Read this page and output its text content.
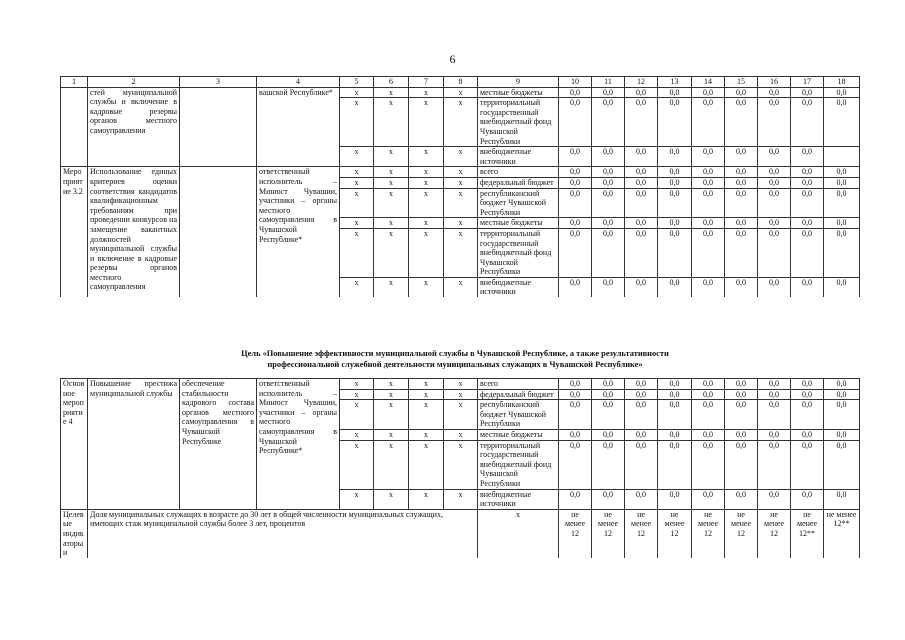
6
1	2	3	4	5	6	7	8	9	10	11	12	13	14	15	16	17	18
	стей муниципальной службы и включение в кадровые резервы органов местного самоуправления		вашской Республике*	x	x	x	x	местные бюджеты	0,0	0,0	0,0	0,0	0,0	0,0	0,0	0,0	0,0
				x	x	x	x	территориальный государственный внебюджетный фонд Чувашской Республики	0,0	0,0	0,0	0,0	0,0	0,0	0,0	0,0	0,0
				x	x	x	x	внебюджетные источники	0,0	0,0	0,0	0,0	0,0	0,0	0,0	0,0	
Мероприятие 3.2	Использование единых критериев оценки соответствия кандидатов квалификационным требованиям при проведении конкурсов на замещение вакантных должностей муниципальной службы и включение в кадровые резервы органов местного самоуправления		ответственный исполнитель – Минюст Чувашии, участники – органы местного самоуправления в Чувашской Республике*	x	x	x	x	всего	0,0	0,0	0,0	0,0	0,0	0,0	0,0	0,0	0,0
				x	x	x	x	федеральный бюджет	0,0	0,0	0,0	0,0	0,0	0,0	0,0	0,0	0,0
				x	x	x	x	республиканский бюджет Чувашской Республики	0,0	0,0	0,0	0,0	0,0	0,0	0,0	0,0	0,0
				x	x	x	x	местные бюджеты	0,0	0,0	0,0	0,0	0,0	0,0	0,0	0,0	0,0
				x	x	x	x	территориальный государственный внебюджетный фонд Чувашской Республики	0,0	0,0	0,0	0,0	0,0	0,0	0,0	0,0	0,0
				x	x	x	x	внебюджетные источники	0,0	0,0	0,0	0,0	0,0	0,0	0,0	0,0	0,0
Цель «Повышение эффективности муниципальной службы в Чувашской Республике, а также результативности
профессиональной служебной деятельности муниципальных служащих в Чувашской Республике»
Основное мероприятие 4	Повышение престижа муниципальной службы	обеспечение стабильности кадрового состава органов местного самоуправления в Чувашской Республике	ответственный исполнитель – Минюст Чувашии, участники – органы местного самоуправления в Чувашской Республике*	x	x	x	x	всего	0,0	0,0	0,0	0,0	0,0	0,0	0,0	0,0	0,0
				x	x	x	x	федеральный бюджет	0,0	0,0	0,0	0,0	0,0	0,0	0,0	0,0	0,0
				x	x	x	x	республиканский бюджет Чувашской Республики	0,0	0,0	0,0	0,0	0,0	0,0	0,0	0,0	0,0
				x	x	x	x	местные бюджеты	0,0	0,0	0,0	0,0	0,0	0,0	0,0	0,0	0,0
				x	x	x	x	территориальный государственный внебюджетный фонд Чувашской Республики	0,0	0,0	0,0	0,0	0,0	0,0	0,0	0,0	0,0
				x	x	x	x	внебюджетные источники	0,0	0,0	0,0	0,0	0,0	0,0	0,0	0,0	0,0
Целевые индикаторы и	Доля муниципальных служащих в возрасте до 30 лет в общей численности муниципальных служащих, имеющих стаж муниципальной службы более 3 лет, процентов							x	не менее 12	не менее 12	не менее 12	не менее 12	не менее 12	не менее 12	не менее 12	не менее 12**	не менее 12**
